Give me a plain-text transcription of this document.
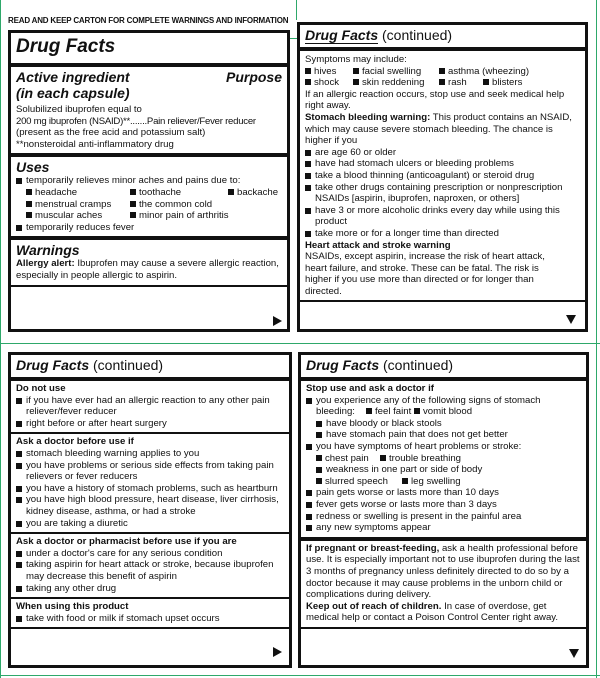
READ AND KEEP CARTON FOR COMPLETE WARNINGS AND INFORMATION
Drug Facts
Active ingredient	Purpose
(in each capsule)
Solubilized ibuprofen equal to
200 mg ibuprofen (NSAID)**.......Pain reliever/Fever reducer
(present as the free acid and potassium salt)
**nonsteroidal anti-inflammatory drug
Uses
temporarily relieves minor aches and pains due to:
headache	toothache	backache
menstrual cramps	the common cold
muscular aches	minor pain of arthritis
temporarily reduces fever
Warnings
Allergy alert: Ibuprofen may cause a severe allergic reaction, especially in people allergic to aspirin.
Drug Facts (continued)
Symptoms may include:
hives	facial swelling	asthma (wheezing)
shock	skin reddening	rash	blisters
If an allergic reaction occurs, stop use and seek medical help right away.
Stomach bleeding warning: This product contains an NSAID, which may cause severe stomach bleeding. The chance is higher if you
are age 60 or older
have had stomach ulcers or bleeding problems
take a blood thinning (anticoagulant) or steroid drug
take other drugs containing prescription or nonprescription NSAIDs [aspirin, ibuprofen, naproxen, or others]
have 3 or more alcoholic drinks every day while using this product
take more or for a longer time than directed
Heart attack and stroke warning
NSAIDs, except aspirin, increase the risk of heart attack, heart failure, and stroke. These can be fatal. The risk is higher if you use more than directed or for longer than directed.
Drug Facts (continued)
Do not use
if you have ever had an allergic reaction to any other pain reliever/fever reducer
right before or after heart surgery
Ask a doctor before use if
stomach bleeding warning applies to you
you have problems or serious side effects from taking pain relievers or fever reducers
you have a history of stomach problems, such as heartburn
you have high blood pressure, heart disease, liver cirrhosis, kidney disease, asthma, or had a stroke
you are taking a diuretic
Ask a doctor or pharmacist before use if you are
under a doctor's care for any serious condition
taking aspirin for heart attack or stroke, because ibuprofen may decrease this benefit of aspirin
taking any other drug
When using this product
take with food or milk if stomach upset occurs
Drug Facts (continued)
Stop use and ask a doctor if
you experience any of the following signs of stomach bleeding:	feel faint	vomit blood
have bloody or black stools
have stomach pain that does not get better
you have symptoms of heart problems or stroke:
chest pain	trouble breathing
weakness in one part or side of body
slurred speech	leg swelling
pain gets worse or lasts more than 10 days
fever gets worse or lasts more than 3 days
redness or swelling is present in the painful area
any new symptoms appear
If pregnant or breast-feeding, ask a health professional before use. It is especially important not to use ibuprofen during the last 3 months of pregnancy unless definitely directed to do so by a doctor because it may cause problems in the unborn child or complications during delivery.
Keep out of reach of children. In case of overdose, get medical help or contact a Poison Control Center right away.
